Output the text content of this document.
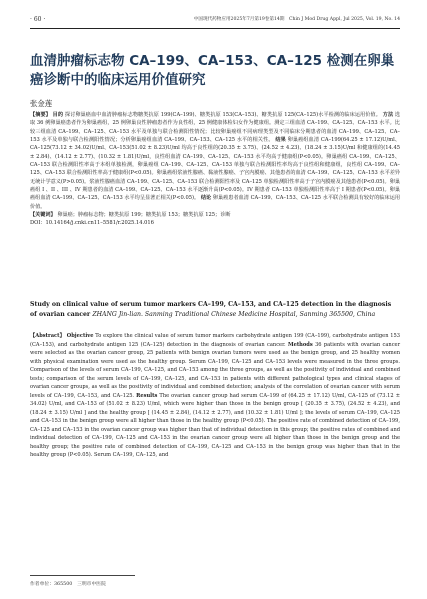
· 60 ·	中国现代药物应用2025年7月第19卷第14期　Chin J Mod Drug Appl, Jul 2025, Vol. 19, No. 14
血清肿瘤标志物 CA–199、CA–153、CA–125 检测在卵巢癌诊断中的临床运用价值研究
张金莲

【摘要】 目的 探讨卵巢癌血中血清肿瘤标志物糖类抗原 199(CA–199)、糖类抗原 153(CA–153)、糖类抗原 125(CA–125)水平检测的临床运用价值。 方法 选取 36 例卵巢癌患者作为卵巢癌组，25 例卵巢良性肿瘤患者作为良性组，25 例健康体检妇女作为健康组。测定三组血清 CA–199、CA–125、CA–153 水平。比较三组血清 CA–199、CA–125、CA–153 水平及单独与联合检测阳性情况；比较卵巢癌组不同病理类型及不同临床分期患者的血清 CA–199、CA–125、CA–153 水平及单独与联合检测阳性情况；分析卵巢癌组血清 CA–199、CA–153、CA–125 水平的相关性。 结果 卵巢癌组血清 CA–199(64.25 ± 17.12)U/ml、CA–125(73.12 ± 34.02)U/ml、CA–153(51.02 ± 8.23)U/ml 均高于良性组的(20.35 ± 3.75)、(24.52 ± 4.23)、(18.24 ± 3.15)U/ml 和健康组的(14.45 ± 2.84)、(14.12 ± 2.77)、(10.32 ± 1.81)U/ml，良性组血清 CA–199、CA–125、CA–153 水平均高于健康组(P<0.05)。卵巢癌组 CA–199、CA–125、CA–153 联合检测阳性率高于本组单独检测，卵巢癌组 CA–199、CA–125、CA–153 单独与联合检测阳性率均高于良性组和健康组，良性组 CA–199、CA–125、CA–153 联合检测阳性率高于健康组(P<0.05)。卵巢癌组浆液性腺癌、黏液性腺癌、子宫内膜癌、其他患者的血清 CA–199、CA–125、CA–153 水平差异无统计学意义(P>0.05)。浆液性腺癌血清 CA–199、CA–125、CA–153 联合检测阳性率及 CA–125 单独检测阳性率高于子宫内膜癌及其他患者(P<0.05)。卵巢癌组 I 、II 、III 、IV 期患者的血清 CA–199、CA–125、CA–153 水平逐渐升高(P<0.05)。IV 期患者 CA–153 单独检测阳性率高于 I 期患者(P<0.05)。卵巢癌组血清 CA–199、CA–125、CA–153 水平均呈显著正相关(P<0.05)。 结论 卵巢癌患者血清 CA–199、CA–153、CA–125 水平联合检测具有较好的临床运用价值。

【关键词】 卵巢癌；肿瘤标志物；糖类抗原 199；糖类抗原 153；糖类抗原 125；诊断

DOI：10.14164/j.cnki.cn11–5581/r.2025.14.016

Study on clinical value of serum tumor markers CA–199, CA–153, and CA–125 detection in the diagnosis of ovarian cancer ZHANG Jin-lian. Sanming Traditional Chinese Medicine Hospital, Sanming 365500, China

【Abstract】 Objective To explore the clinical value of serum tumor markers carbohydrate antigen 199 (CA–199), carbohydrate antigen 153 (CA–153), and carbohydrate antigen 125 (CA–125) detection in the diagnosis of ovarian cancer. Methods 36 patients with ovarian cancer were selected as the ovarian cancer group, 25 patients with benign ovarian tumors were used as the benign group, and 25 healthy women with physical examination were used as the healthy group. Serum CA–199, CA–125 and CA–153 levels were measured in the three groups. Comparison of the levels of serum CA–199, CA–125, and CA–153 among the three groups, as well as the positivity of individual and combined tests; comparison of the serum levels of CA–199, CA–125, and CA–153 in patients with different pathological types and clinical stages of ovarian cancer groups, as well as the positivity of individual and combined detection; analysis of the correlation of ovarian cancer with serum levels of CA–199, CA–153, and CA–125. Results The ovarian cancer group had serum CA–199 of (64.25 ± 17.12) U/ml, CA–125 of (73.12 ± 34.02) U/ml, and CA–153 of (51.02 ± 8.23) U/ml, which were higher than those in the benign group [ (20.35 ± 3.75), (24.52 ± 4.23), and (18.24 ± 3.15) U/ml ] and the healthy group [ (14.45 ± 2.84), (14.12 ± 2.77), and (10.32 ± 1.81) U/ml ]; the levels of serum CA–199, CA–125 and CA–153 in the benign group were all higher than those in the healthy group (P<0.05). The positive rate of combined detection of CA–199, CA–125 and CA–153 in the ovarian cancer group was higher than that of individual detection in this group; the positive rates of combined and individual detection of CA–199, CA–125 and CA–153 in the ovarian cancer group were all higher than those in the benign group and the healthy group; the positive rate of combined detection of CA–199, CA–125 and CA–153 in the benign group was higher than that in the healthy group (P<0.05). Serum CA–199, CA–125, and

作者单位：365500　三明市中医院
